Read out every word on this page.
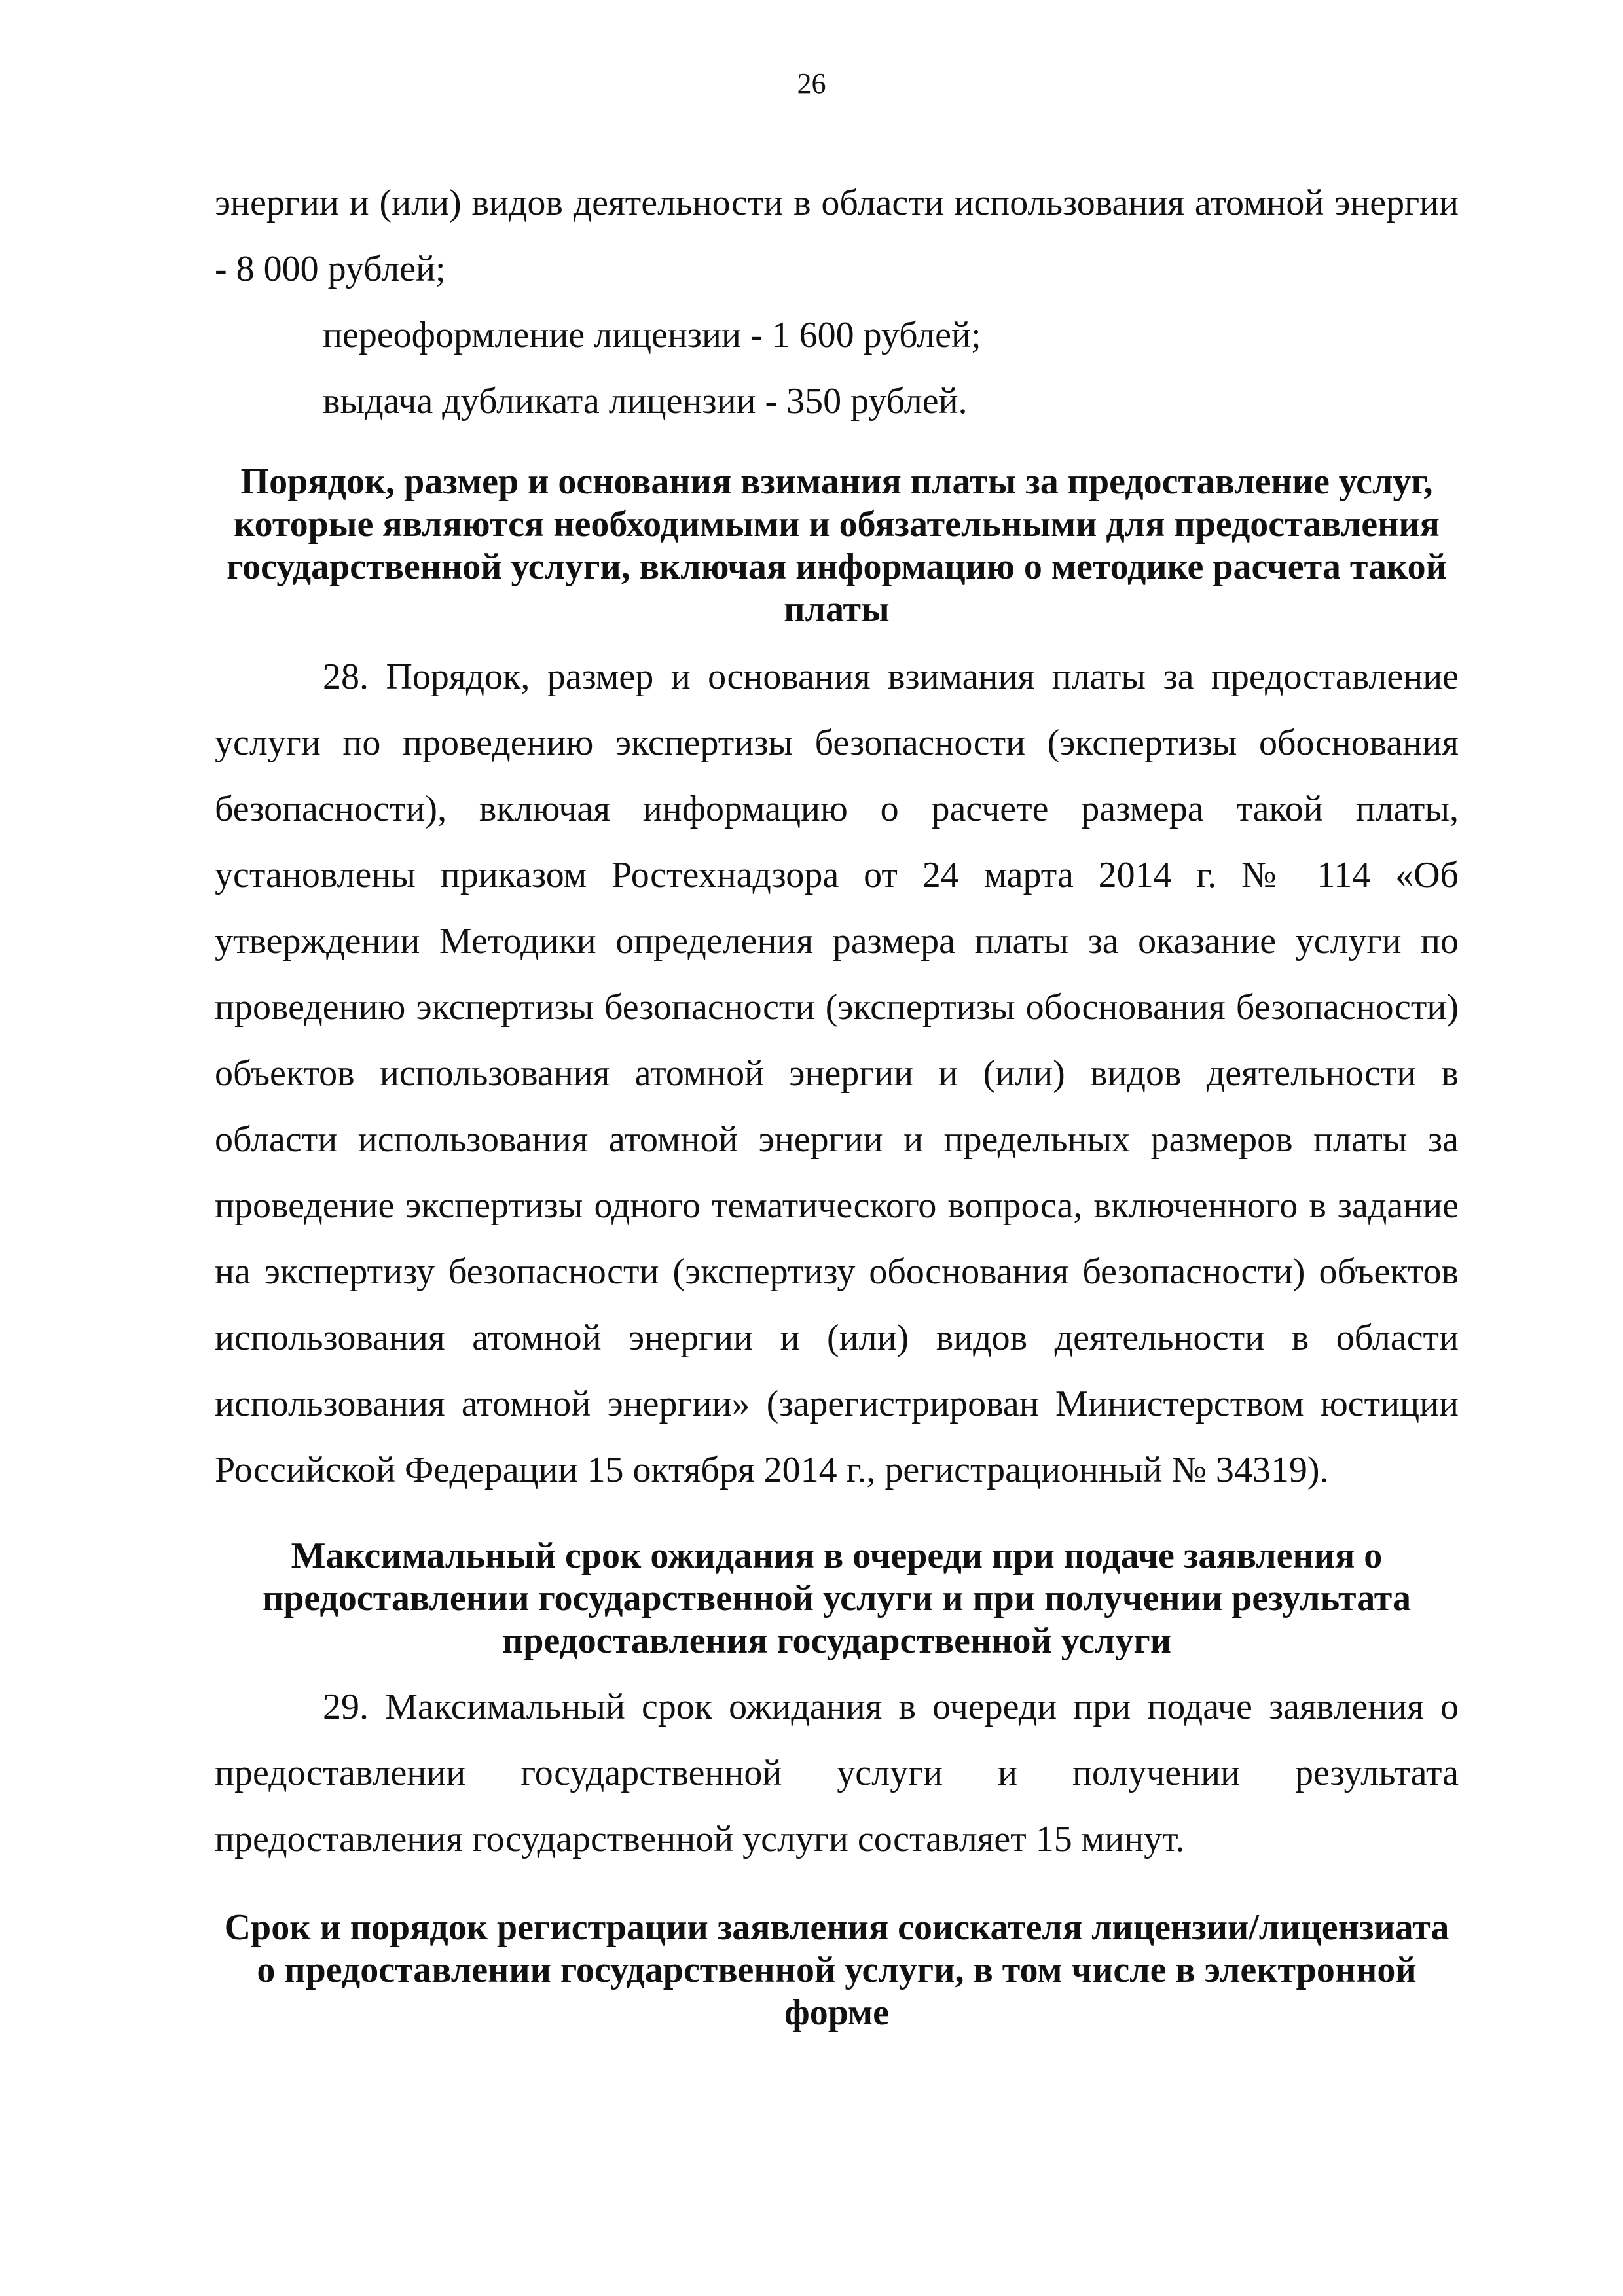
26

энергии и (или) видов деятельности в области использования атомной энергии - 8 000 рублей;

переоформление лицензии - 1 600 рублей;

выдача дубликата лицензии - 350 рублей.

Порядок, размер и основания взимания платы за предоставление услуг, которые являются необходимыми и обязательными для предоставления государственной услуги, включая информацию о методике расчета такой платы

28. Порядок, размер и основания взимания платы за предоставление услуги по проведению экспертизы безопасности (экспертизы обоснования безопасности), включая информацию о расчете размера такой платы, установлены приказом Ростехнадзора от 24 марта 2014 г. № 114 «Об утверждении Методики определения размера платы за оказание услуги по проведению экспертизы безопасности (экспертизы обоснования безопасности) объектов использования атомной энергии и (или) видов деятельности в области использования атомной энергии и предельных размеров платы за проведение экспертизы одного тематического вопроса, включенного в задание на экспертизу безопасности (экспертизу обоснования безопасности) объектов использования атомной энергии и (или) видов деятельности в области использования атомной энергии» (зарегистрирован Министерством юстиции Российской Федерации 15 октября 2014 г., регистрационный № 34319).

Максимальный срок ожидания в очереди при подаче заявления о предоставлении государственной услуги и при получении результата предоставления государственной услуги

29. Максимальный срок ожидания в очереди при подаче заявления о предоставлении государственной услуги и получении результата предоставления государственной услуги составляет 15 минут.

Срок и порядок регистрации заявления соискателя лицензии/лицензиата о предоставлении государственной услуги, в том числе в электронной форме
